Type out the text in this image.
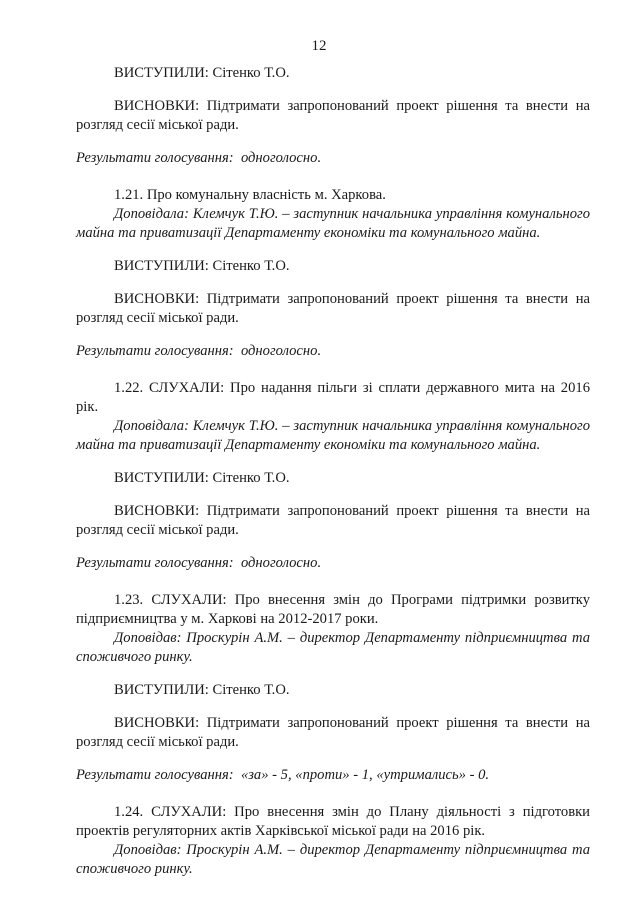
12

ВИСТУПИЛИ: Сітенко Т.О.

ВИСНОВКИ: Підтримати запропонований проект рішення та внести на розгляд сесії міської ради.

Результати голосування: одноголосно.

1.21. Про комунальну власність м. Харкова.

Доповідала: Клемчук Т.Ю. – заступник начальника управління комунального майна та приватизації Департаменту економіки та комунального майна.

ВИСТУПИЛИ: Сітенко Т.О.

ВИСНОВКИ: Підтримати запропонований проект рішення та внести на розгляд сесії міської ради.

Результати голосування: одноголосно.

1.22. СЛУХАЛИ: Про надання пільги зі сплати державного мита на 2016 рік.

Доповідала: Клемчук Т.Ю. – заступник начальника управління комунального майна та приватизації Департаменту економіки та комунального майна.

ВИСТУПИЛИ: Сітенко Т.О.

ВИСНОВКИ: Підтримати запропонований проект рішення та внести на розгляд сесії міської ради.

Результати голосування: одноголосно.

1.23. СЛУХАЛИ: Про внесення змін до Програми підтримки розвитку підприємництва у м. Харкові на 2012-2017 роки.

Доповідав: Проскурін А.М. – директор Департаменту підприємництва та споживчого ринку.

ВИСТУПИЛИ: Сітенко Т.О.

ВИСНОВКИ: Підтримати запропонований проект рішення та внести на розгляд сесії міської ради.

Результати голосування: «за» - 5, «проти» - 1, «утримались» - 0.

1.24. СЛУХАЛИ: Про внесення змін до Плану діяльності з підготовки проектів регуляторних актів Харківської міської ради на 2016 рік.

Доповідав: Проскурін А.М. – директор Департаменту підприємництва та споживчого ринку.
